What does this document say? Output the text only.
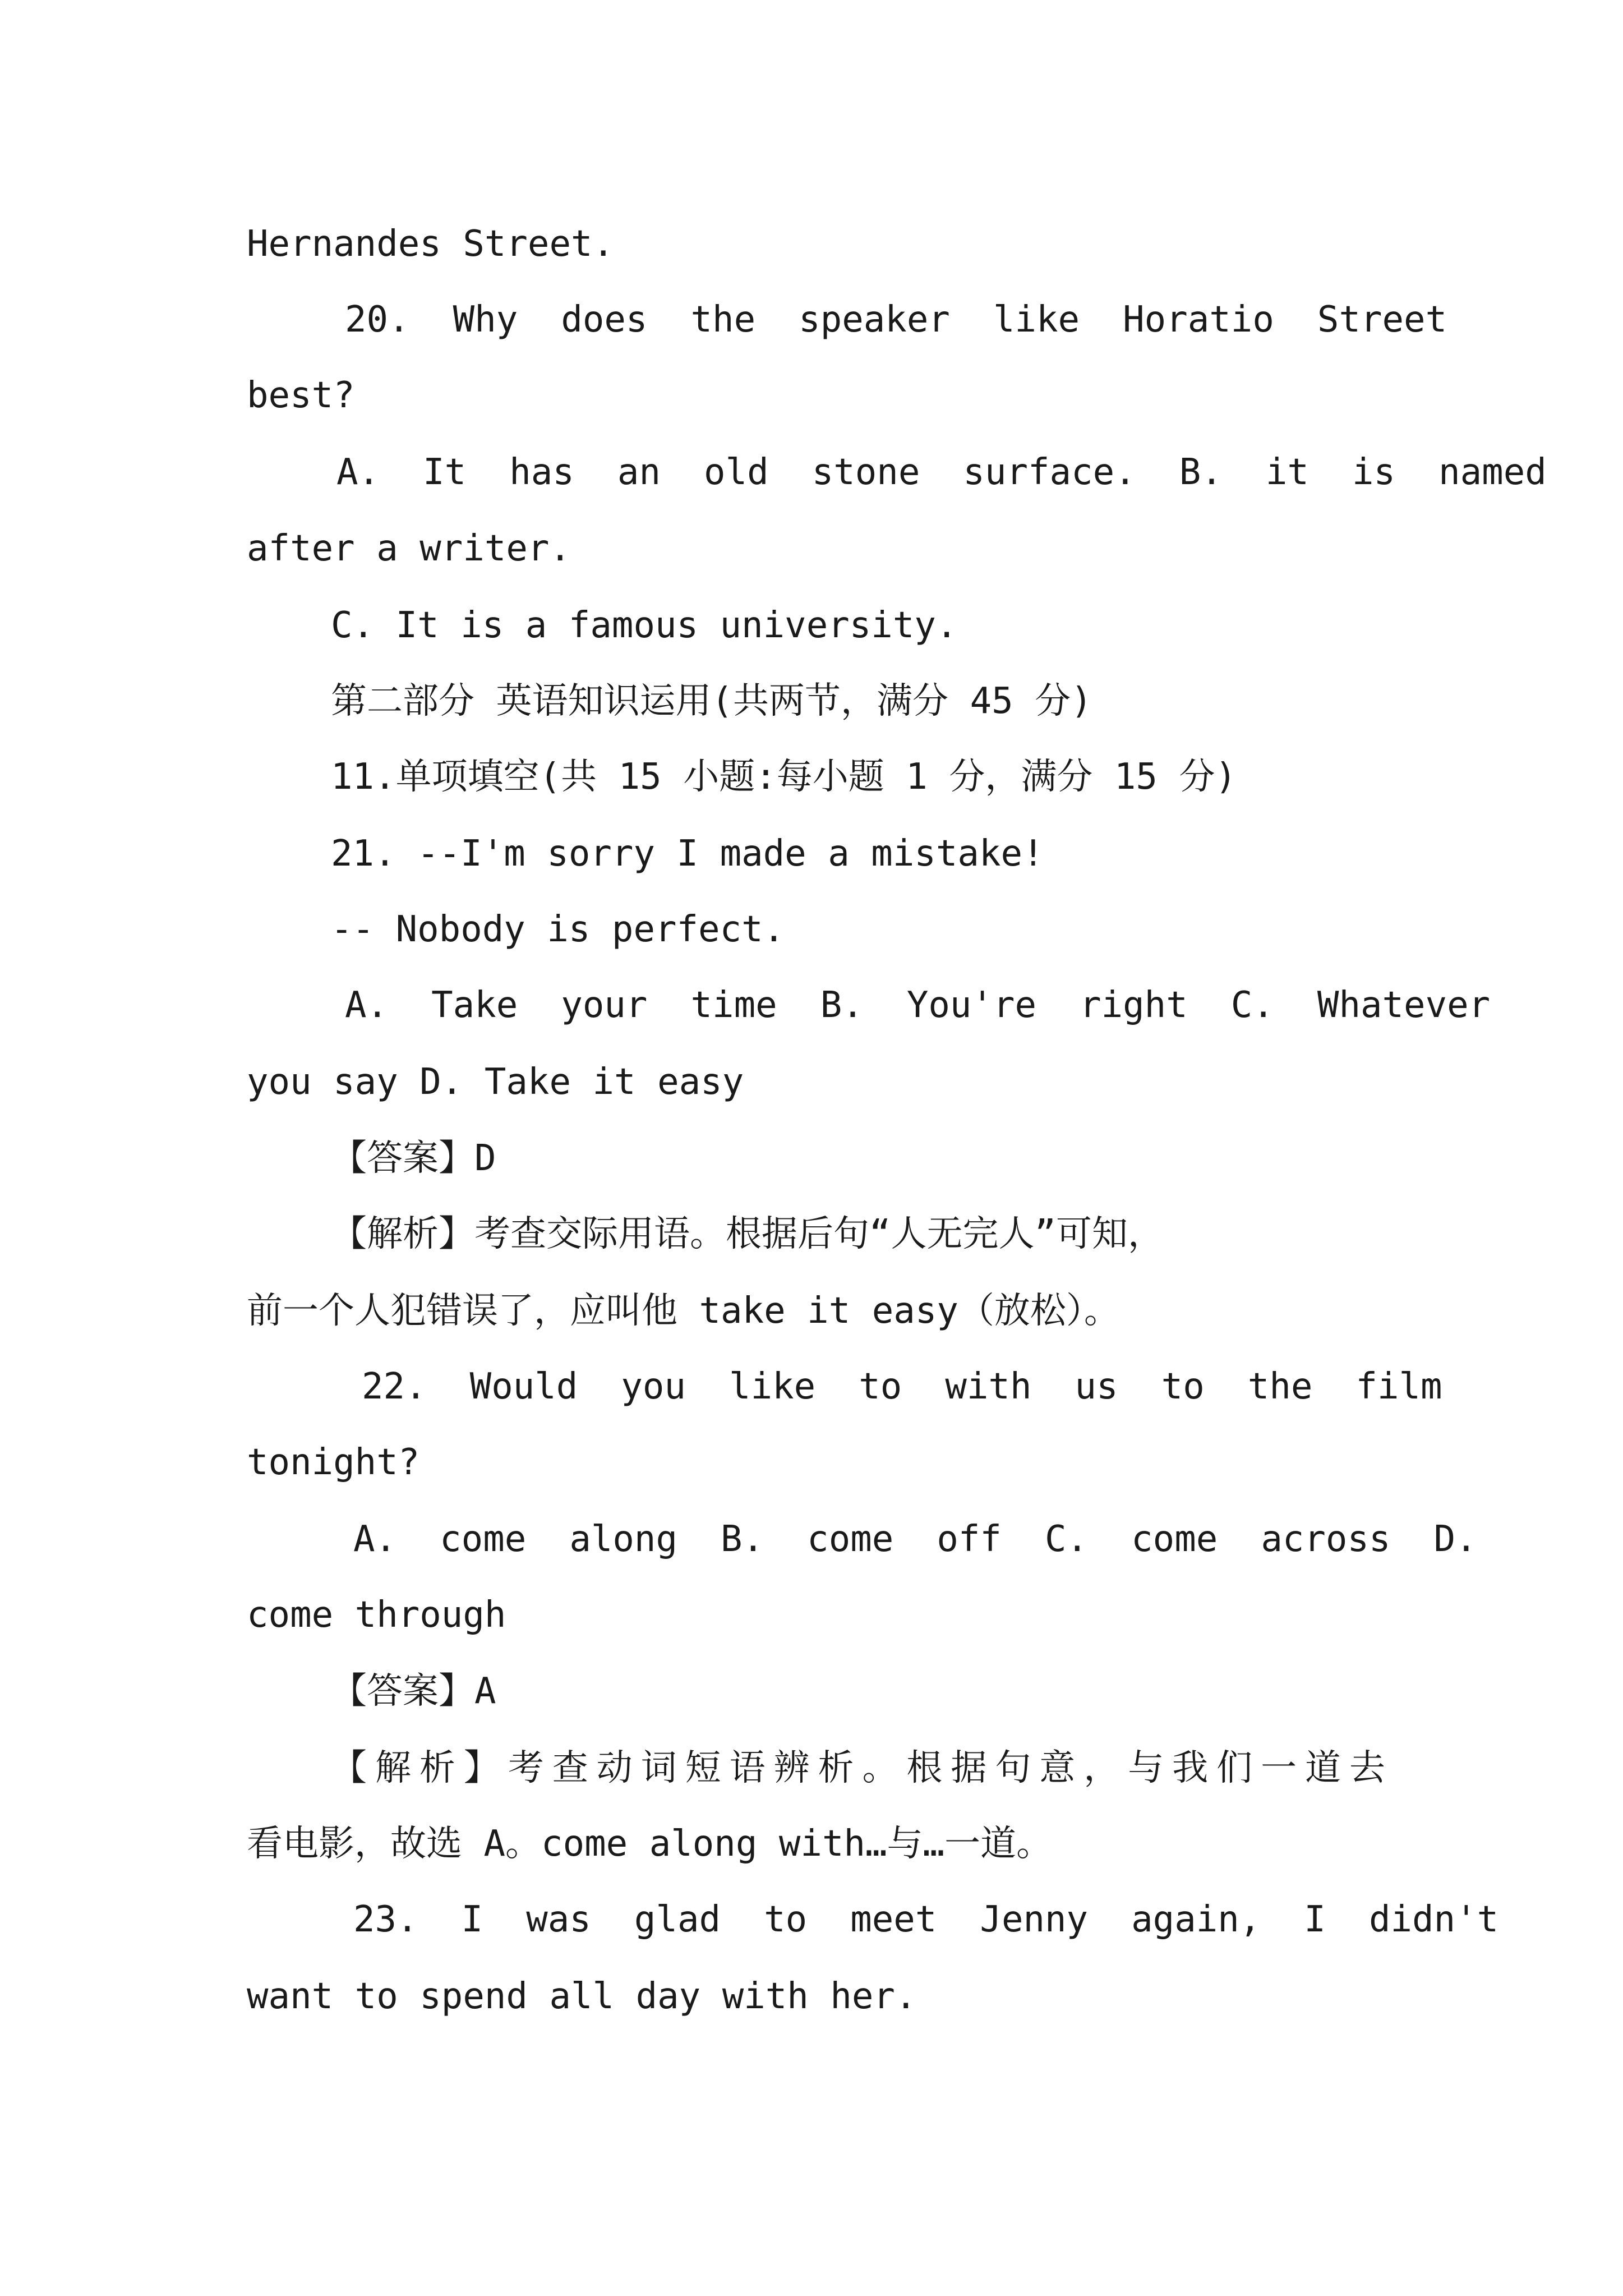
Hernandes Street.
20.  Why  does  the  speaker  like  Horatio  Street
best?
A.  It  has  an  old  stone  surface.  B.  it  is  named
after a writer.
C. It is a famous university.
第二部分 英语知识运用(共两节，满分 45 分)
11.单项填空(共 15 小题:每小题 1 分，满分 15 分)
21. --I'm sorry I made a mistake!
-- Nobody is perfect.
A.  Take  your  time  B.  You're  right  C.  Whatever
you say D. Take it easy
【答案】D
【解析】考查交际用语。根据后句“人无完人”可知，
前一个人犯错误了，应叫他 take it easy（放松）。
22.  Would  you  like  to  with  us  to  the  film
tonight?
A.  come  along  B.  come  off  C.  come  across  D.
come through
【答案】A
【解析】考查动词短语辨析。根据句意，与我们一道去
看电影，故选 A。come along with…与…一道。
23.  I  was  glad  to  meet  Jenny  again,  I  didn't
want to spend all day with her.
